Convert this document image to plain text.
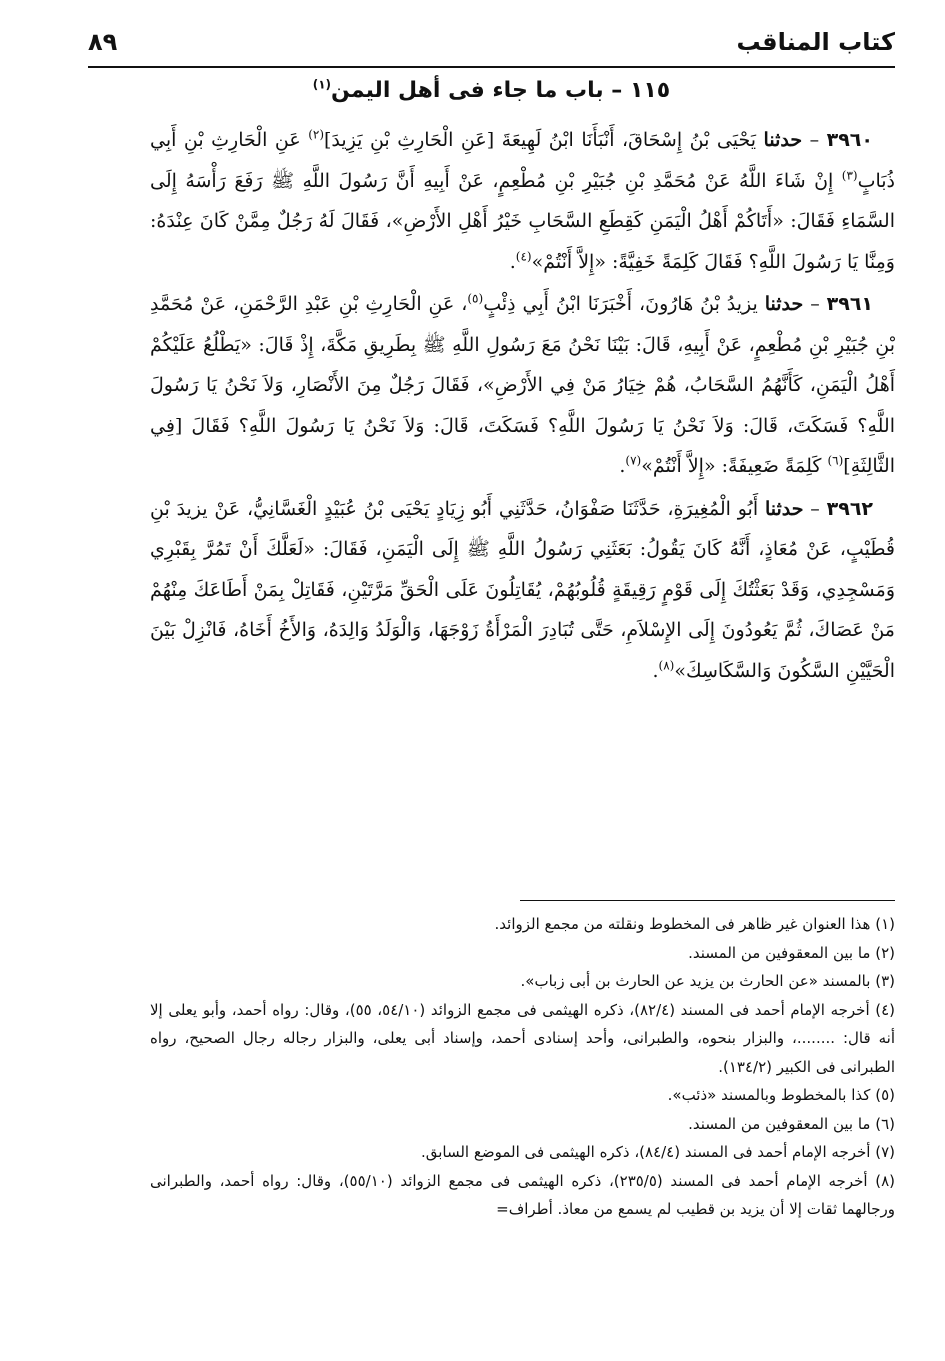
كتاب المناقب
٨٩
١١٥ – باب ما جاء فى أهل اليمن$^{(١)}$

٣٩٦٠ – حدثنا يَحْيَى بْنُ إِسْحَاقَ، أَنْبَأَنَا ابْنُ لَهِيعَةَ [عَنِ الْحَارِثِ بْنِ يَزِيدَ]$^{(٢)}$ عَنِ الْحَارِثِ بْنِ أَبِي ذُبَابٍ$^{(٣)}$ إِنْ شَاءَ اللَّهُ عَنْ مُحَمَّدِ بْنِ جُبَيْرِ بْنِ مُطْعِمٍ، عَنْ أَبِيهِ أَنَّ رَسُولَ اللَّهِ ﷺ رَفَعَ رَأْسَهُ إِلَى السَّمَاءِ فَقَالَ: «أَتَاكُمْ أَهْلُ الْيَمَنِ كَقِطَعِ السَّحَابِ خَيْرُ أَهْلِ الأَرْضِ»، فَقَالَ لَهُ رَجُلٌ مِمَّنْ كَانَ عِنْدَهُ: وَمِنَّا يَا رَسُولَ اللَّهِ؟ فَقَالَ كَلِمَةً خَفِيَّةً: «إِلاَّ أَنْتُمْ»$^{(٤)}$.

٣٩٦١ – حدثنا يزيدُ بْنُ هَارُونَ، أَخْبَرَنَا ابْنُ أَبِي ذِئْبٍ$^{(٥)}$، عَنِ الْحَارِثِ بْنِ عَبْدِ الرَّحْمَنِ، عَنْ مُحَمَّدِ بْنِ جُبَيْرِ بْنِ مُطْعِمٍ، عَنْ أَبِيهِ، قَالَ: بَيْنَا نَحْنُ مَعَ رَسُولِ اللَّهِ ﷺ بِطَرِيقِ مَكَّةَ، إِذْ قَالَ: «يَطْلُعُ عَلَيْكُمْ أَهْلُ الْيَمَنِ، كَأَنَّهُمُ السَّحَابُ، هُمْ خِيَارُ مَنْ فِي الأَرْضِ»، فَقَالَ رَجُلٌ مِنَ الأَنْصَارِ، وَلاَ نَحْنُ يَا رَسُولَ اللَّهِ؟ فَسَكَتَ، قَالَ: وَلاَ نَحْنُ يَا رَسُولَ اللَّهِ؟ فَسَكَتَ، قَالَ: وَلاَ نَحْنُ يَا رَسُولَ اللَّهِ؟ فَقَالَ [فِي الثَّالِثَةِ]$^{(٦)}$ كَلِمَةً ضَعِيفَةً: «إِلاَّ أَنْتُمْ»$^{(٧)}$.

٣٩٦٢ – حدثنا أَبُو الْمُغِيرَةِ، حَدَّثَنَا صَفْوَانُ، حَدَّثَنِي أَبُو زِيَادٍ يَحْيَى بْنُ عُبَيْدٍ الْغَسَّانِيُّ، عَنْ يزيدَ بْنِ قُطَيْبٍ، عَنْ مُعَاذٍ، أَنَّهُ كَانَ يَقُولُ: بَعَثَنِي رَسُولُ اللَّهِ ﷺ إِلَى الْيَمَنِ، فَقَالَ: «لَعَلَّكَ أَنْ تَمُرَّ بِقَبْرِي وَمَسْجِدِي، وَقَدْ بَعَثْتُكَ إِلَى قَوْمٍ رَقِيقَةٍ قُلُوبُهُمْ، يُقَاتِلُونَ عَلَى الْحَقِّ مَرَّتَيْنِ، فَقَاتِلْ بِمَنْ أَطَاعَكَ مِنْهُمْ مَنْ عَصَاكَ، ثُمَّ يَعُودُونَ إِلَى الإِسْلاَمِ، حَتَّى تُبَادِرَ الْمَرْأَةُ زَوْجَهَا، وَالْوَلَدُ وَالِدَهُ، وَالأَخُ أَخَاهُ، فَانْزِلْ بَيْنَ الْحَيَّيْنِ السَّكُونَ وَالسَّكَاسِكَ»$^{(٨)}$.

(١) هذا العنوان غير ظاهر فى المخطوط ونقلته من مجمع الزوائد.

(٢) ما بين المعقوفين من المسند.

(٣) بالمسند «عن الحارث بن يزيد عن الحارث بن أبى زباب».

(٤) أخرجه الإمام أحمد فى المسند (٨٢/٤)، ذكره الهيثمى فى مجمع الزوائد (٥٤/١٠، ٥٥)، وقال: رواه أحمد، وأبو يعلى إلا أنه قال: ........، والبزار بنحوه، والطبرانى، وأحد إسنادى أحمد، وإسناد أبى يعلى، والبزار رجاله رجال الصحيح، رواه الطبرانى فى الكبير (١٣٤/٢).

(٥) كذا بالمخطوط وبالمسند «ذئب».

(٦) ما بين المعقوفين من المسند.

(٧) أخرجه الإمام أحمد فى المسند (٨٤/٤)، ذكره الهيثمى فى الموضع السابق.

(٨) أخرجه الإمام أحمد فى المسند (٢٣٥/٥)، ذكره الهيثمى فى مجمع الزوائد (٥٥/١٠)، وقال: رواه أحمد، والطبرانى ورجالهما ثقات إلا أن يزيد بن قطيب لم يسمع من معاذ. أطراف=
